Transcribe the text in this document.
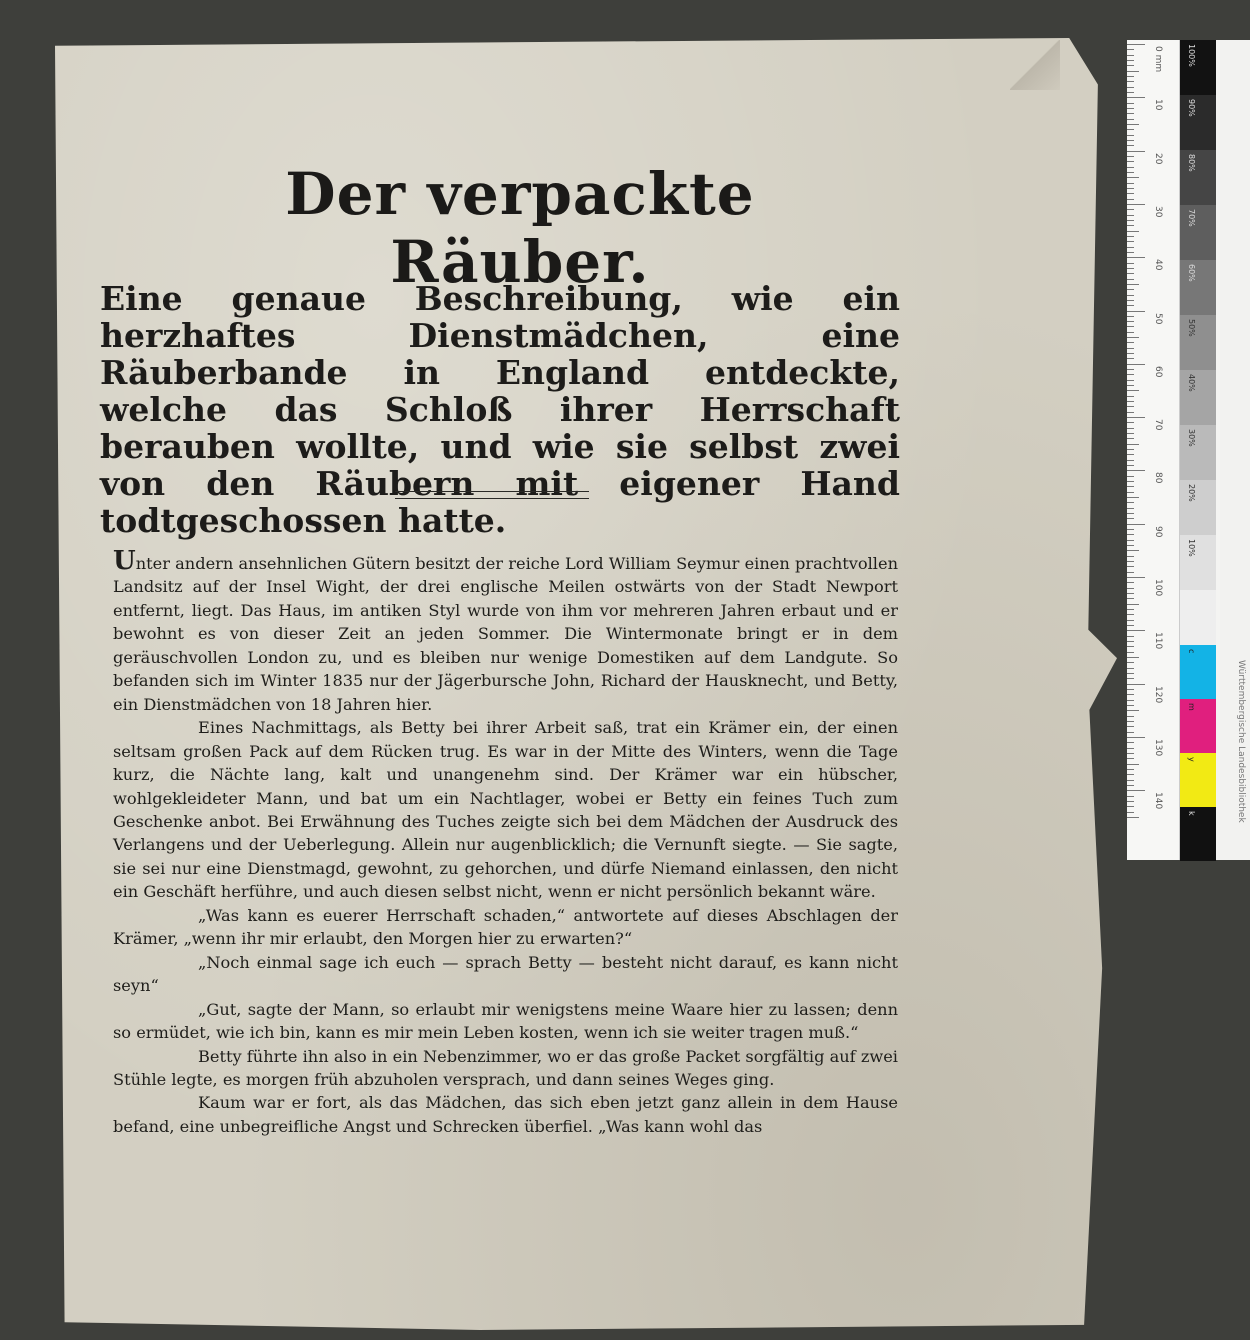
Der verpackte Räuber.
Eine genaue Beschreibung, wie ein herzhaftes Dienstmädchen, eine Räuberbande in England entdeckte, welche das Schloß ihrer Herrschaft berauben wollte, und wie sie selbst zwei von den Räubern mit eigener Hand todtgeschossen hatte.

Unter andern ansehnlichen Gütern besitzt der reiche Lord William Seymur einen prachtvollen Landsitz auf der Insel Wight, der drei englische Meilen ostwärts von der Stadt Newport entfernt, liegt. Das Haus, im antiken Styl wurde von ihm vor mehreren Jahren erbaut und er bewohnt es von dieser Zeit an jeden Sommer. Die Wintermonate bringt er in dem geräuschvollen London zu, und es bleiben nur wenige Domestiken auf dem Landgute. So befanden sich im Winter 1835 nur der Jägerbursche John, Richard der Hausknecht, und Betty, ein Dienstmädchen von 18 Jahren hier.

Eines Nachmittags, als Betty bei ihrer Arbeit saß, trat ein Krämer ein, der einen seltsam großen Pack auf dem Rücken trug. Es war in der Mitte des Winters, wenn die Tage kurz, die Nächte lang, kalt und unangenehm sind. Der Krämer war ein hübscher, wohlgekleideter Mann, und bat um ein Nachtlager, wobei er Betty ein feines Tuch zum Geschenke anbot. Bei Erwähnung des Tuches zeigte sich bei dem Mädchen der Ausdruck des Verlangens und der Ueberlegung. Allein nur augenblicklich; die Vernunft siegte. — Sie sagte, sie sei nur eine Dienstmagd, gewohnt, zu gehorchen, und dürfe Niemand einlassen, den nicht ein Geschäft herführe, und auch diesen selbst nicht, wenn er nicht persönlich bekannt wäre.

„Was kann es euerer Herrschaft schaden,“ antwortete auf dieses Abschlagen der Krämer, „wenn ihr mir erlaubt, den Morgen hier zu erwarten?“

„Noch einmal sage ich euch — sprach Betty — besteht nicht darauf, es kann nicht seyn“

„Gut, sagte der Mann, so erlaubt mir wenigstens meine Waare hier zu lassen; denn so ermüdet, wie ich bin, kann es mir mein Leben kosten, wenn ich sie weiter tragen muß.“

Betty führte ihn also in ein Nebenzimmer, wo er das große Packet sorgfältig auf zwei Stühle legte, es morgen früh abzuholen versprach, und dann seines Weges ging.

Kaum war er fort, als das Mädchen, das sich eben jetzt ganz allein in dem Hause befand, eine unbegreifliche Angst und Schrecken überfiel. „Was kann wohl das

0 mm
10
20
30
40
50
60
70
80
90
100
110
120
130
140
100%
90%
80%
70%
60%
50%
40%
30%
20%
10%
c
m
y
k	Württembergische Landesbibliothek
